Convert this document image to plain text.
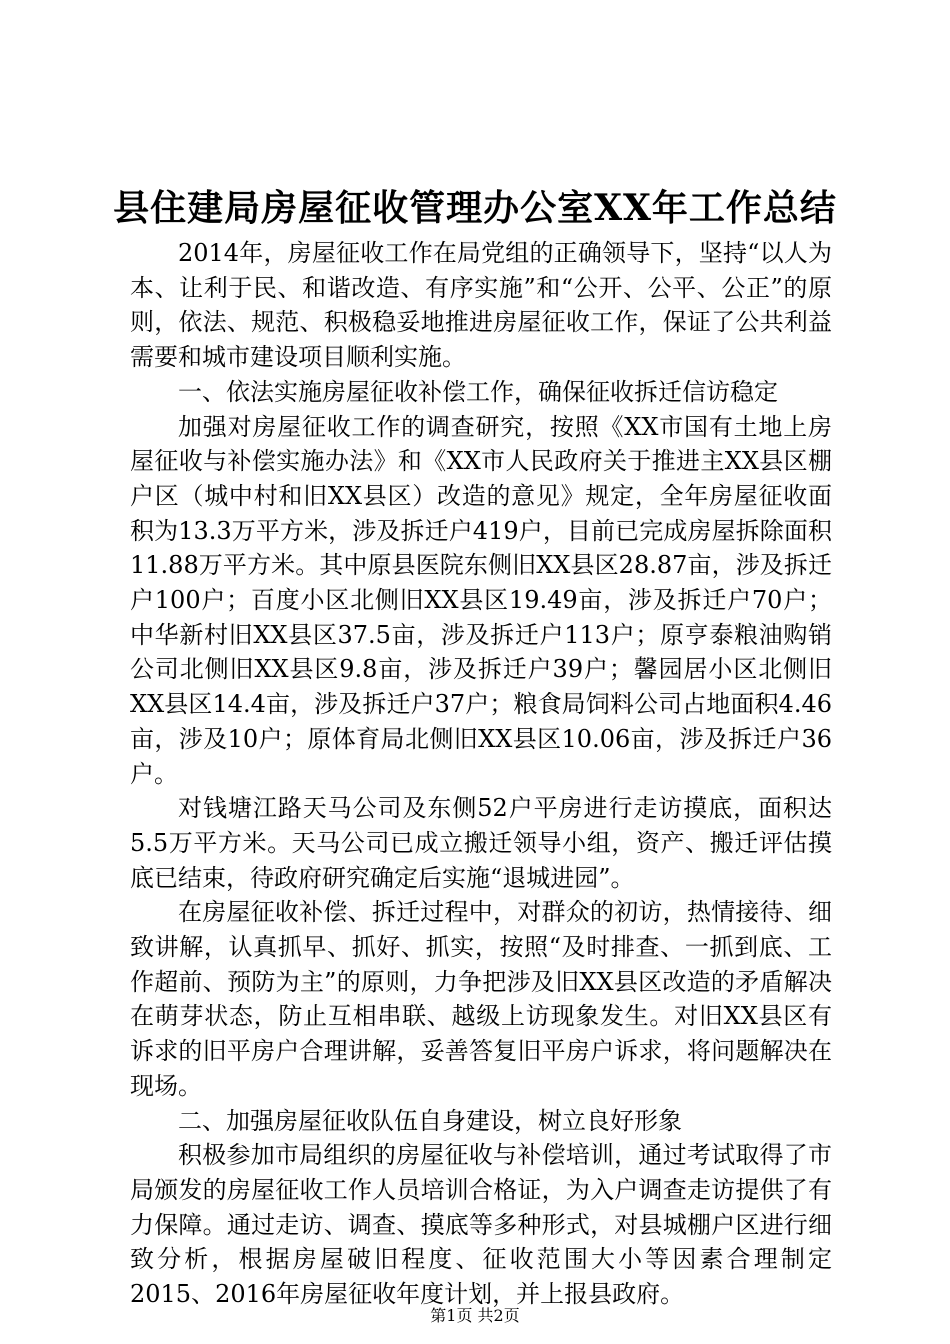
县住建局房屋征收管理办公室XX年工作总结

2014年，房屋征收工作在局党组的正确领导下，坚持“以人为本、让利于民、和谐改造、有序实施”和“公开、公平、公正”的原则，依法、规范、积极稳妥地推进房屋征收工作，保证了公共利益需要和城市建设项目顺利实施。

一、依法实施房屋征收补偿工作，确保征收拆迁信访稳定

加强对房屋征收工作的调查研究，按照《XX市国有土地上房屋征收与补偿实施办法》和《XX市人民政府关于推进主XX县区棚户区（城中村和旧XX县区）改造的意见》规定，全年房屋征收面积为13.3万平方米，涉及拆迁户419户，目前已完成房屋拆除面积11.88万平方米。其中原县医院东侧旧XX县区28.87亩，涉及拆迁户100户；百度小区北侧旧XX县区19.49亩，涉及拆迁户70户；中华新村旧XX县区37.5亩，涉及拆迁户113户；原亨泰粮油购销公司北侧旧XX县区9.8亩，涉及拆迁户39户；馨园居小区北侧旧XX县区14.4亩，涉及拆迁户37户；粮食局饲料公司占地面积4.46亩，涉及10户；原体育局北侧旧XX县区10.06亩，涉及拆迁户36户。

对钱塘江路天马公司及东侧52户平房进行走访摸底，面积达5.5万平方米。天马公司已成立搬迁领导小组，资产、搬迁评估摸底已结束，待政府研究确定后实施“退城进园”。

在房屋征收补偿、拆迁过程中，对群众的初访，热情接待、细致讲解，认真抓早、抓好、抓实，按照“及时排查、一抓到底、工作超前、预防为主”的原则，力争把涉及旧XX县区改造的矛盾解决在萌芽状态，防止互相串联、越级上访现象发生。对旧XX县区有诉求的旧平房户合理讲解，妥善答复旧平房户诉求，将问题解决在现场。

二、加强房屋征收队伍自身建设，树立良好形象

积极参加市局组织的房屋征收与补偿培训，通过考试取得了市局颁发的房屋征收工作人员培训合格证，为入户调查走访提供了有力保障。通过走访、调查、摸底等多种形式，对县城棚户区进行细致分析，根据房屋破旧程度、征收范围大小等因素合理制定2015、2016年房屋征收年度计划，并上报县政府。

第1页 共2页
